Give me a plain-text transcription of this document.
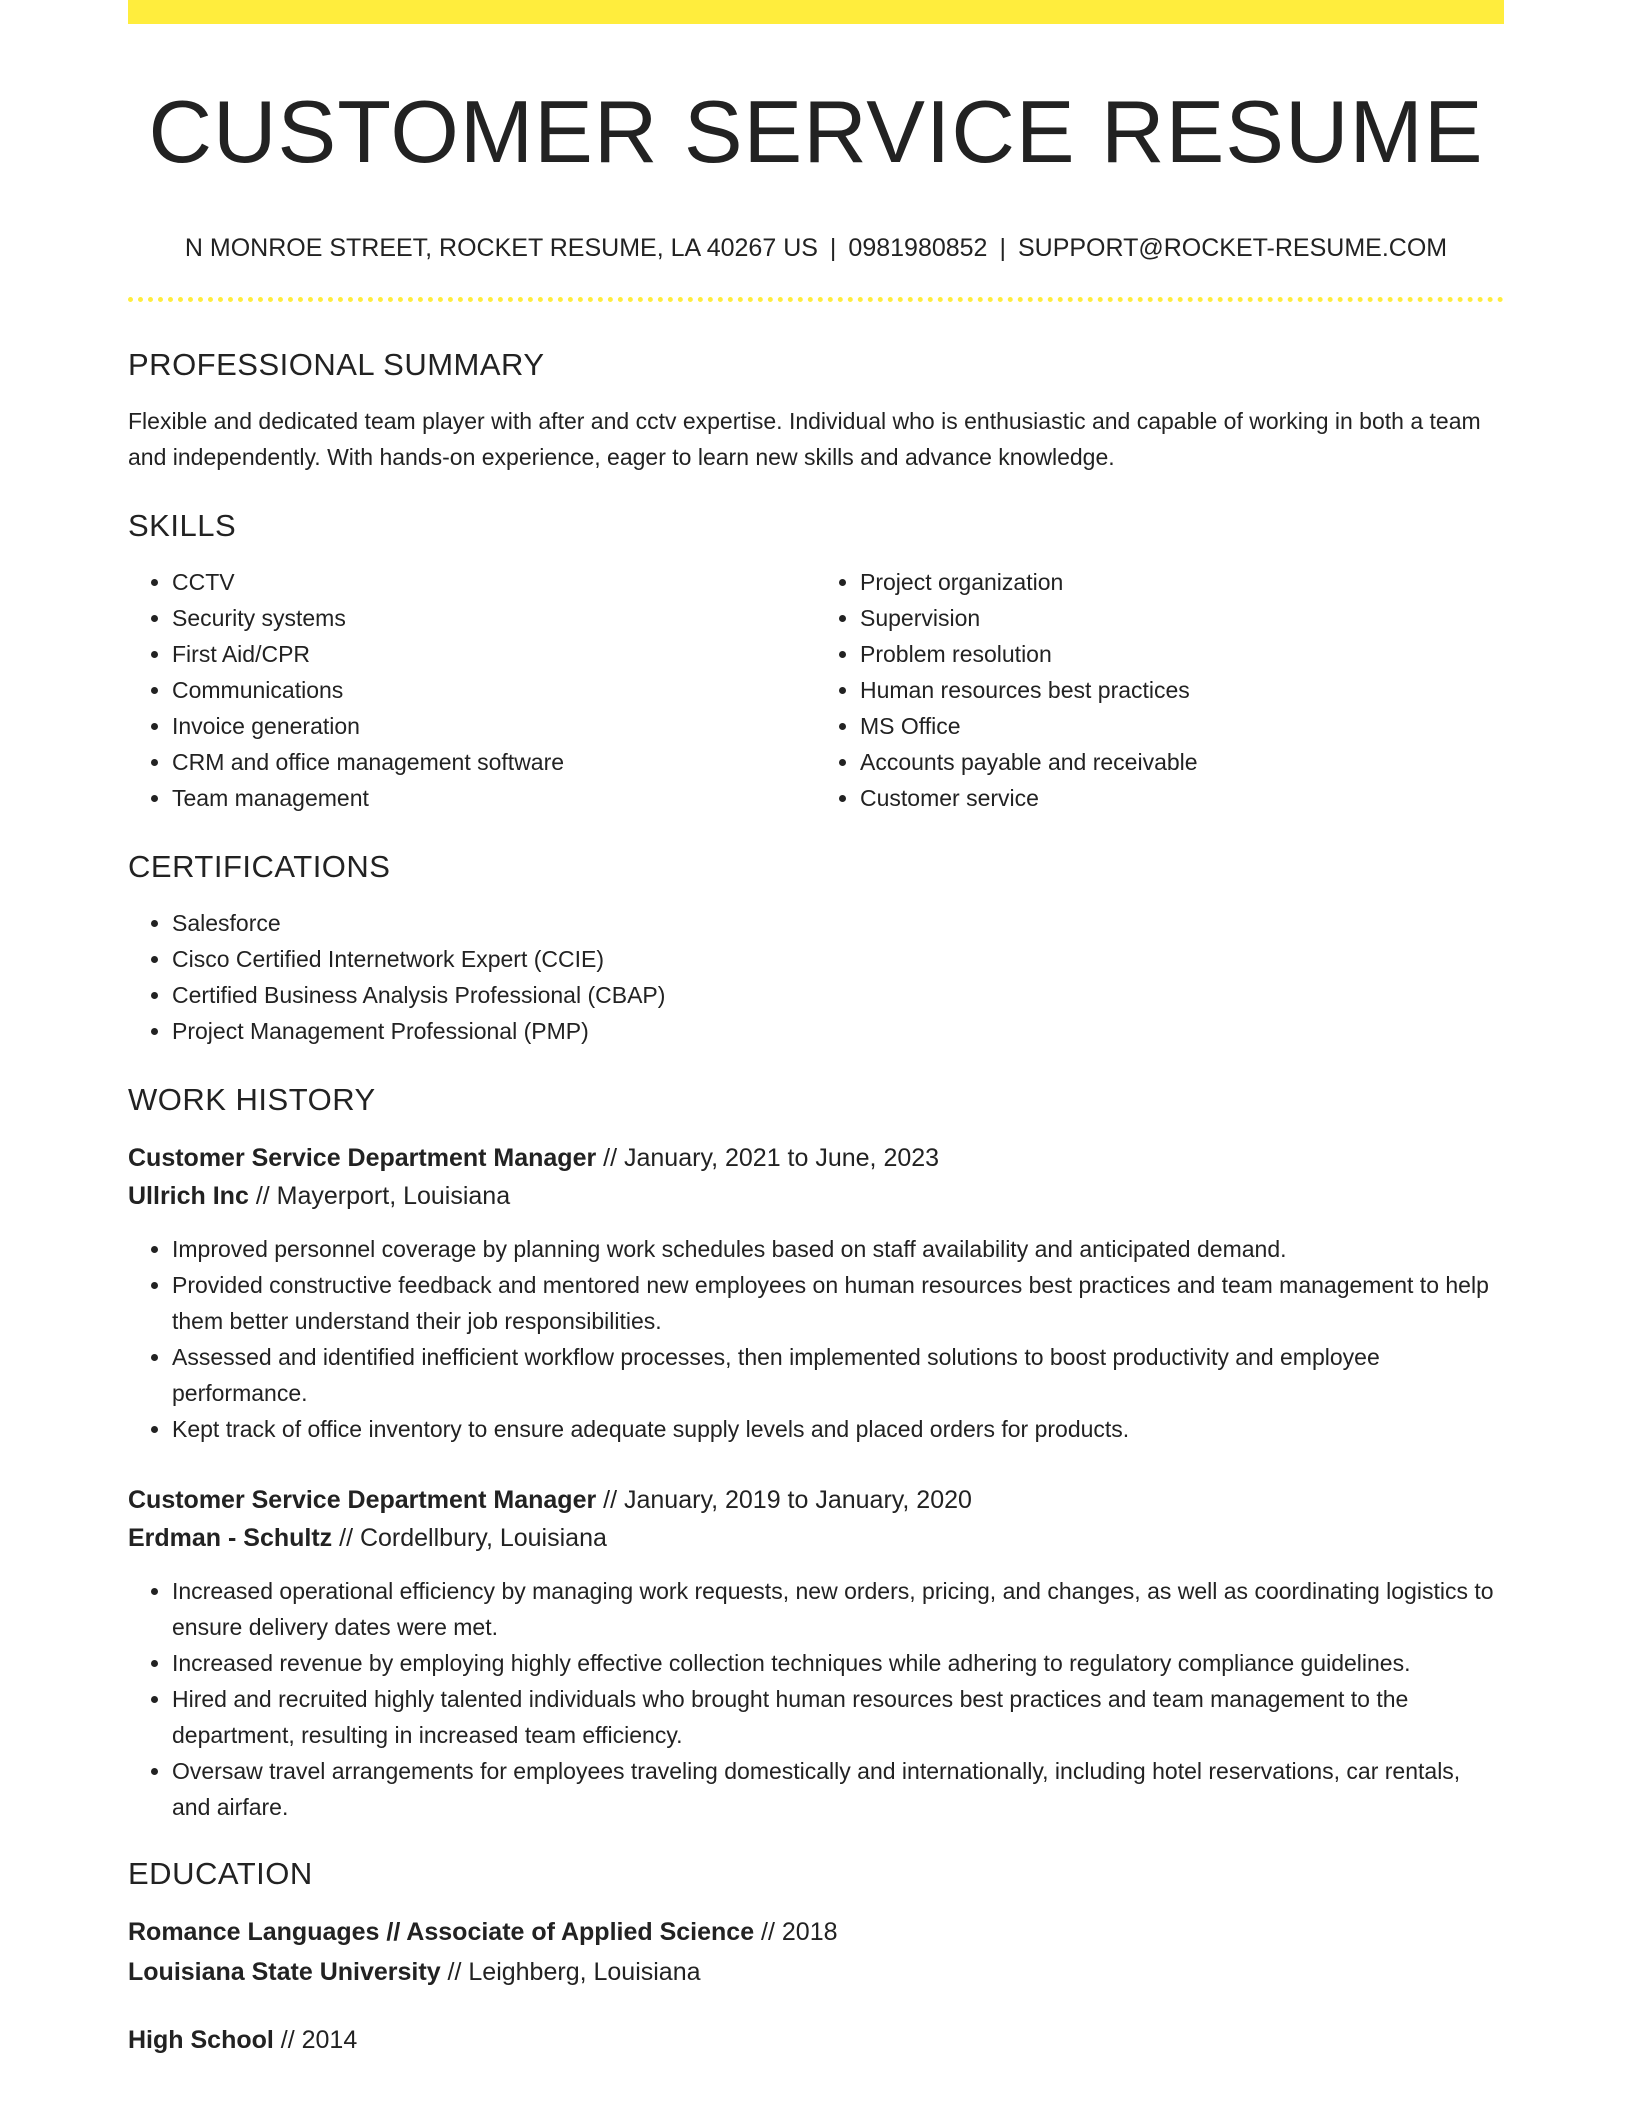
CUSTOMER SERVICE RESUME
N MONROE STREET, ROCKET RESUME, LA 40267 US | 0981980852 | SUPPORT@ROCKET-RESUME.COM
PROFESSIONAL SUMMARY

Flexible and dedicated team player with after and cctv expertise. Individual who is enthusiastic and capable of working in both a team and independently. With hands-on experience, eager to learn new skills and advance knowledge.

SKILLS
• CCTV
• Security systems
• First Aid/CPR
• Communications
• Invoice generation
• CRM and office management software
• Team management
• Project organization
• Supervision
• Problem resolution
• Human resources best practices
• MS Office
• Accounts payable and receivable
• Customer service
CERTIFICATIONS
• Salesforce
• Cisco Certified Internetwork Expert (CCIE)
• Certified Business Analysis Professional (CBAP)
• Project Management Professional (PMP)
WORK HISTORY
Customer Service Department Manager // January, 2021 to June, 2023
Ullrich Inc // Mayerport, Louisiana
• Improved personnel coverage by planning work schedules based on staff availability and anticipated demand.
• Provided constructive feedback and mentored new employees on human resources best practices and team management to help them better understand their job responsibilities.
• Assessed and identified inefficient workflow processes, then implemented solutions to boost productivity and employee performance.
• Kept track of office inventory to ensure adequate supply levels and placed orders for products.
Customer Service Department Manager // January, 2019 to January, 2020
Erdman - Schultz // Cordellbury, Louisiana
• Increased operational efficiency by managing work requests, new orders, pricing, and changes, as well as coordinating logistics to ensure delivery dates were met.
• Increased revenue by employing highly effective collection techniques while adhering to regulatory compliance guidelines.
• Hired and recruited highly talented individuals who brought human resources best practices and team management to the department, resulting in increased team efficiency.
• Oversaw travel arrangements for employees traveling domestically and internationally, including hotel reservations, car rentals, and airfare.
EDUCATION
Romance Languages // Associate of Applied Science // 2018
Louisiana State University // Leighberg, Louisiana
High School // 2014
